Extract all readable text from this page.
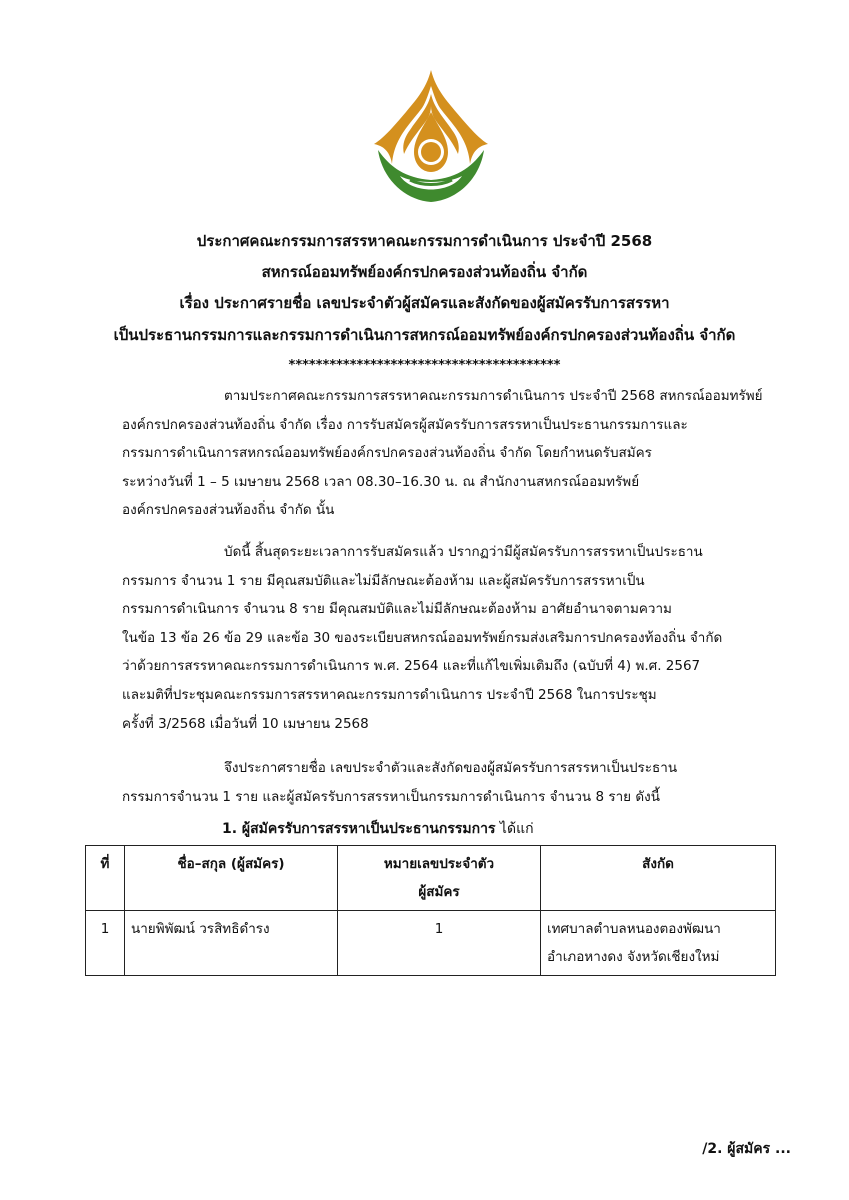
ประกาศคณะกรรมการสรรหาคณะกรรมการดำเนินการ ประจำปี 2568
สหกรณ์ออมทรัพย์องค์กรปกครองส่วนท้องถิ่น จำกัด
เรื่อง ประกาศรายชื่อ เลขประจำตัวผู้สมัครและสังกัดของผู้สมัครรับการสรรหา
เป็นประธานกรรมการและกรรมการดำเนินการสหกรณ์ออมทรัพย์องค์กรปกครองส่วนท้องถิ่น จำกัด
****************************************
ตามประกาศคณะกรรมการสรรหาคณะกรรมการดำเนินการ ประจำปี 2568 สหกรณ์ออมทรัพย์
องค์กรปกครองส่วนท้องถิ่น จำกัด เรื่อง การรับสมัครผู้สมัครรับการสรรหาเป็นประธานกรรมการและ
กรรมการดำเนินการสหกรณ์ออมทรัพย์องค์กรปกครองส่วนท้องถิ่น จำกัด โดยกำหนดรับสมัคร
ระหว่างวันที่ 1 – 5 เมษายน 2568 เวลา 08.30–16.30 น. ณ สำนักงานสหกรณ์ออมทรัพย์
องค์กรปกครองส่วนท้องถิ่น จำกัด นั้น
บัดนี้ สิ้นสุดระยะเวลาการรับสมัครแล้ว ปรากฏว่ามีผู้สมัครรับการสรรหาเป็นประธาน
กรรมการ จำนวน 1 ราย มีคุณสมบัติและไม่มีลักษณะต้องห้าม และผู้สมัครรับการสรรหาเป็น
กรรมการดำเนินการ จำนวน 8 ราย มีคุณสมบัติและไม่มีลักษณะต้องห้าม อาศัยอำนาจตามความ
ในข้อ 13 ข้อ 26 ข้อ 29 และข้อ 30 ของระเบียบสหกรณ์ออมทรัพย์กรมส่งเสริมการปกครองท้องถิ่น จำกัด
ว่าด้วยการสรรหาคณะกรรมการดำเนินการ พ.ศ. 2564 และที่แก้ไขเพิ่มเติมถึง (ฉบับที่ 4) พ.ศ. 2567
และมติที่ประชุมคณะกรรมการสรรหาคณะกรรมการดำเนินการ ประจำปี 2568 ในการประชุม
ครั้งที่ 3/2568 เมื่อวันที่ 10 เมษายน 2568
จึงประกาศรายชื่อ เลขประจำตัวและสังกัดของผู้สมัครรับการสรรหาเป็นประธาน
กรรมการจำนวน 1 ราย และผู้สมัครรับการสรรหาเป็นกรรมการดำเนินการ จำนวน 8 ราย ดังนี้
1. ผู้สมัครรับการสรรหาเป็นประธานกรรมการ ได้แก่
ที่	ชื่อ–สกุล (ผู้สมัคร)	หมายเลขประจำตัว
ผู้สมัคร	สังกัด
1	นายพิพัฒน์ วรสิทธิดำรง	1	เทศบาลตำบลหนองตองพัฒนา
อำเภอหางดง จังหวัดเชียงใหม่
/2. ผู้สมัคร ...
